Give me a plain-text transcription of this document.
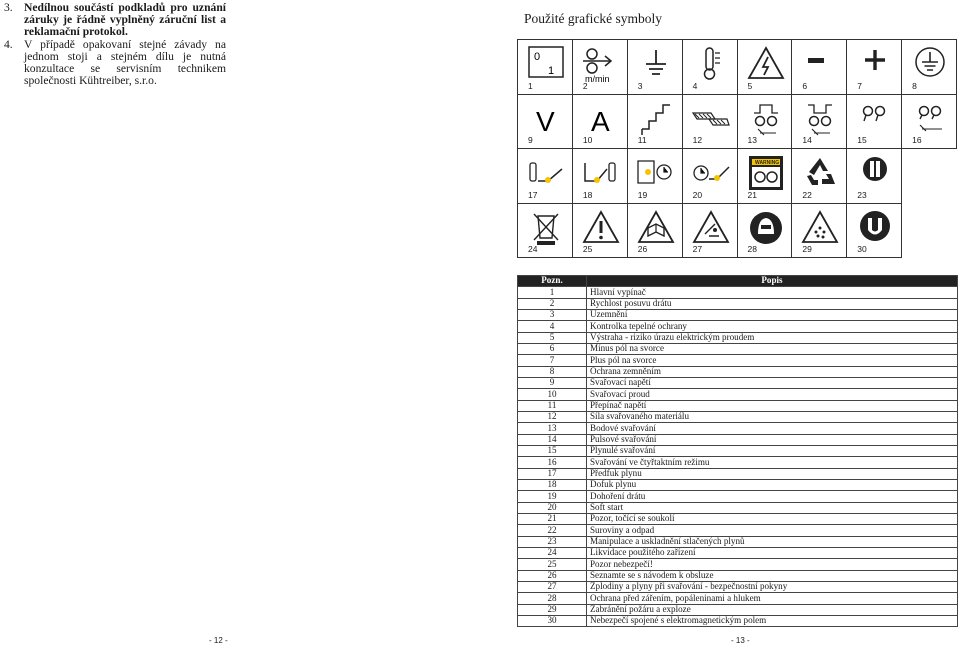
3. Nedílnou součástí podkladů pro uznání záruky je řádně vyplněný záruční list a reklamační protokol.
4. V případě opakovaní stejné závady na jednom stoji a stejném dílu je nutná konzultace se servisním technikem společnosti Kühtreiber, s.r.o.
- 12 -
Použité grafické symboly
0
1
1	m/min
2	3	4	5	6	7	8

V
9	A
10	11	12	13	14	15	16

17	18	19	20	WARNING
21	22	23	

24	25	26	27	28	29	30	

Pozn.	Popis
1	Hlavní vypínač
2	Rychlost posuvu drátu
3	Uzemnění
4	Kontrolka tepelné ochrany
5	Výstraha - riziko úrazu elektrickým proudem
6	Mínus pól na svorce
7	Plus pól na svorce
8	Ochrana zemněním
9	Svařovací napětí
10	Svařovací proud
11	Přepínač napětí
12	Síla svařovaného materiálu
13	Bodové svařování
14	Pulsové svařování
15	Plynulé svařování
16	Svařování ve čtyřtaktním režimu
17	Předfuk plynu
18	Dofuk plynu
19	Dohoření drátu
20	Soft start
21	Pozor, točící se soukolí
22	Suroviny a odpad
23	Manipulace a uskladnění stlačených plynů
24	Likvidace použitého zařízení
25	Pozor nebezpečí!
26	Seznamte se s návodem k obsluze
27	Zplodiny a plyny při svařování - bezpečnostní pokyny
28	Ochrana před zářením, popáleninami a hlukem
29	Zabránění požáru a exploze
30	Nebezpečí spojené s elektromagnetickým polem
- 13 -
